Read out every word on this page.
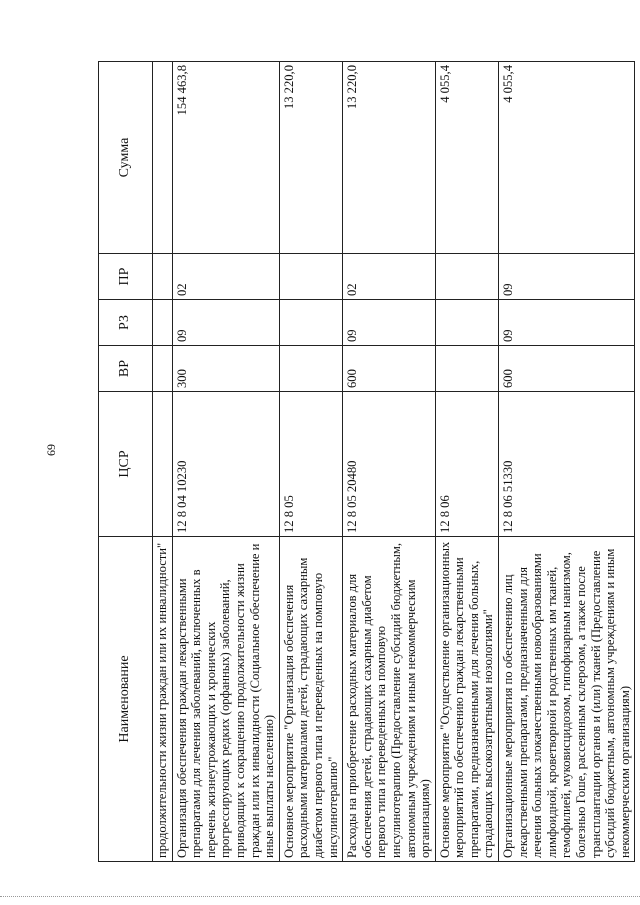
69
Наименование	ЦСР	ВР	РЗ	ПР	Сумма
продолжительности жизни граждан или их инвалидности"					
Организация обеспечения граждан лекарственными препаратами для лечения заболеваний, включенных в перечень жизнеугрожающих и хронических прогрессирующих редких (орфанных) заболеваний, приводящих к сокращению продолжительности жизни граждан или их инвалидности (Социальное обеспечение и иные выплаты населению)	12 8 04 10230	300	09	02	154 463,8
Основное мероприятие "Организация обеспечения расходными материалами детей, страдающих сахарным диабетом первого типа и переведенных на помповую инсулинотерапию"	12 8 05				13 220,0
Расходы на приобретение расходных материалов для обеспечения детей, страдающих сахарным диабетом первого типа и переведенных на помповую инсулинотерапию (Предоставление субсидий бюджетным, автономным учреждениям и иным некоммерческим организациям)	12 8 05 20480	600	09	02	13 220,0
Основное мероприятие "Осуществление организационных мероприятий по обеспечению граждан лекарственными препаратами, предназначенными для лечения больных, страдающих высокозатратными нозологиями"	12 8 06				4 055,4
Организационные мероприятия по обеспечению лиц лекарственными препаратами, предназначенными для лечения больных злокачественными новообразованиями лимфоидной, кроветворной и родственных им тканей, гемофилией, муковисцидозом, гипофизарным нанизмом, болезнью Гоше, рассеянным склерозом, а также после трансплантации органов и (или) тканей (Предоставление субсидий бюджетным, автономным учреждениям и иным некоммерческим организациям)	12 8 06 51330	600	09	09	4 055,4
